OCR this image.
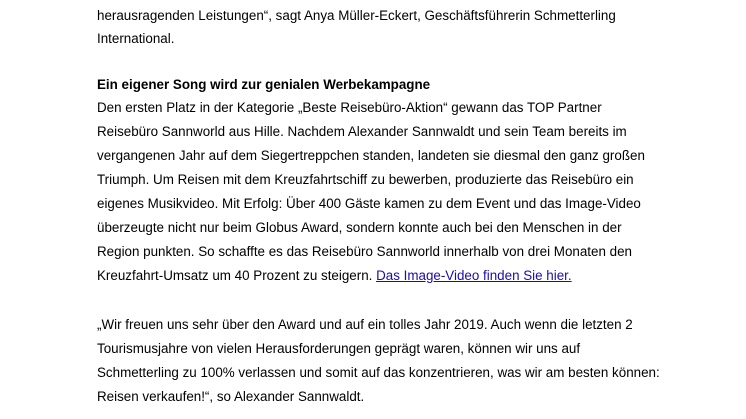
herausragenden Leistungen“, sagt Anya Müller-Eckert, Geschäftsführerin Schmetterling
International.
Ein eigener Song wird zur genialen Werbekampagne
Den ersten Platz in der Kategorie „Beste Reisebüro-Aktion“ gewann das TOP Partner
Reisebüro Sannworld aus Hille. Nachdem Alexander Sannwaldt und sein Team bereits im
vergangenen Jahr auf dem Siegertreppchen standen, landeten sie diesmal den ganz großen
Triumph. Um Reisen mit dem Kreuzfahrtschiff zu bewerben, produzierte das Reisebüro ein
eigenes Musikvideo. Mit Erfolg: Über 400 Gäste kamen zu dem Event und das Image-Video
überzeugte nicht nur beim Globus Award, sondern konnte auch bei den Menschen in der
Region punkten. So schaffte es das Reisebüro Sannworld innerhalb von drei Monaten den
Kreuzfahrt-Umsatz um 40 Prozent zu steigern. Das Image-Video finden Sie hier.
„Wir freuen uns sehr über den Award und auf ein tolles Jahr 2019. Auch wenn die letzten 2
Tourismusjahre von vielen Herausforderungen geprägt waren, können wir uns auf
Schmetterling zu 100% verlassen und somit auf das konzentrieren, was wir am besten können:
Reisen verkaufen!“, so Alexander Sannwaldt.
